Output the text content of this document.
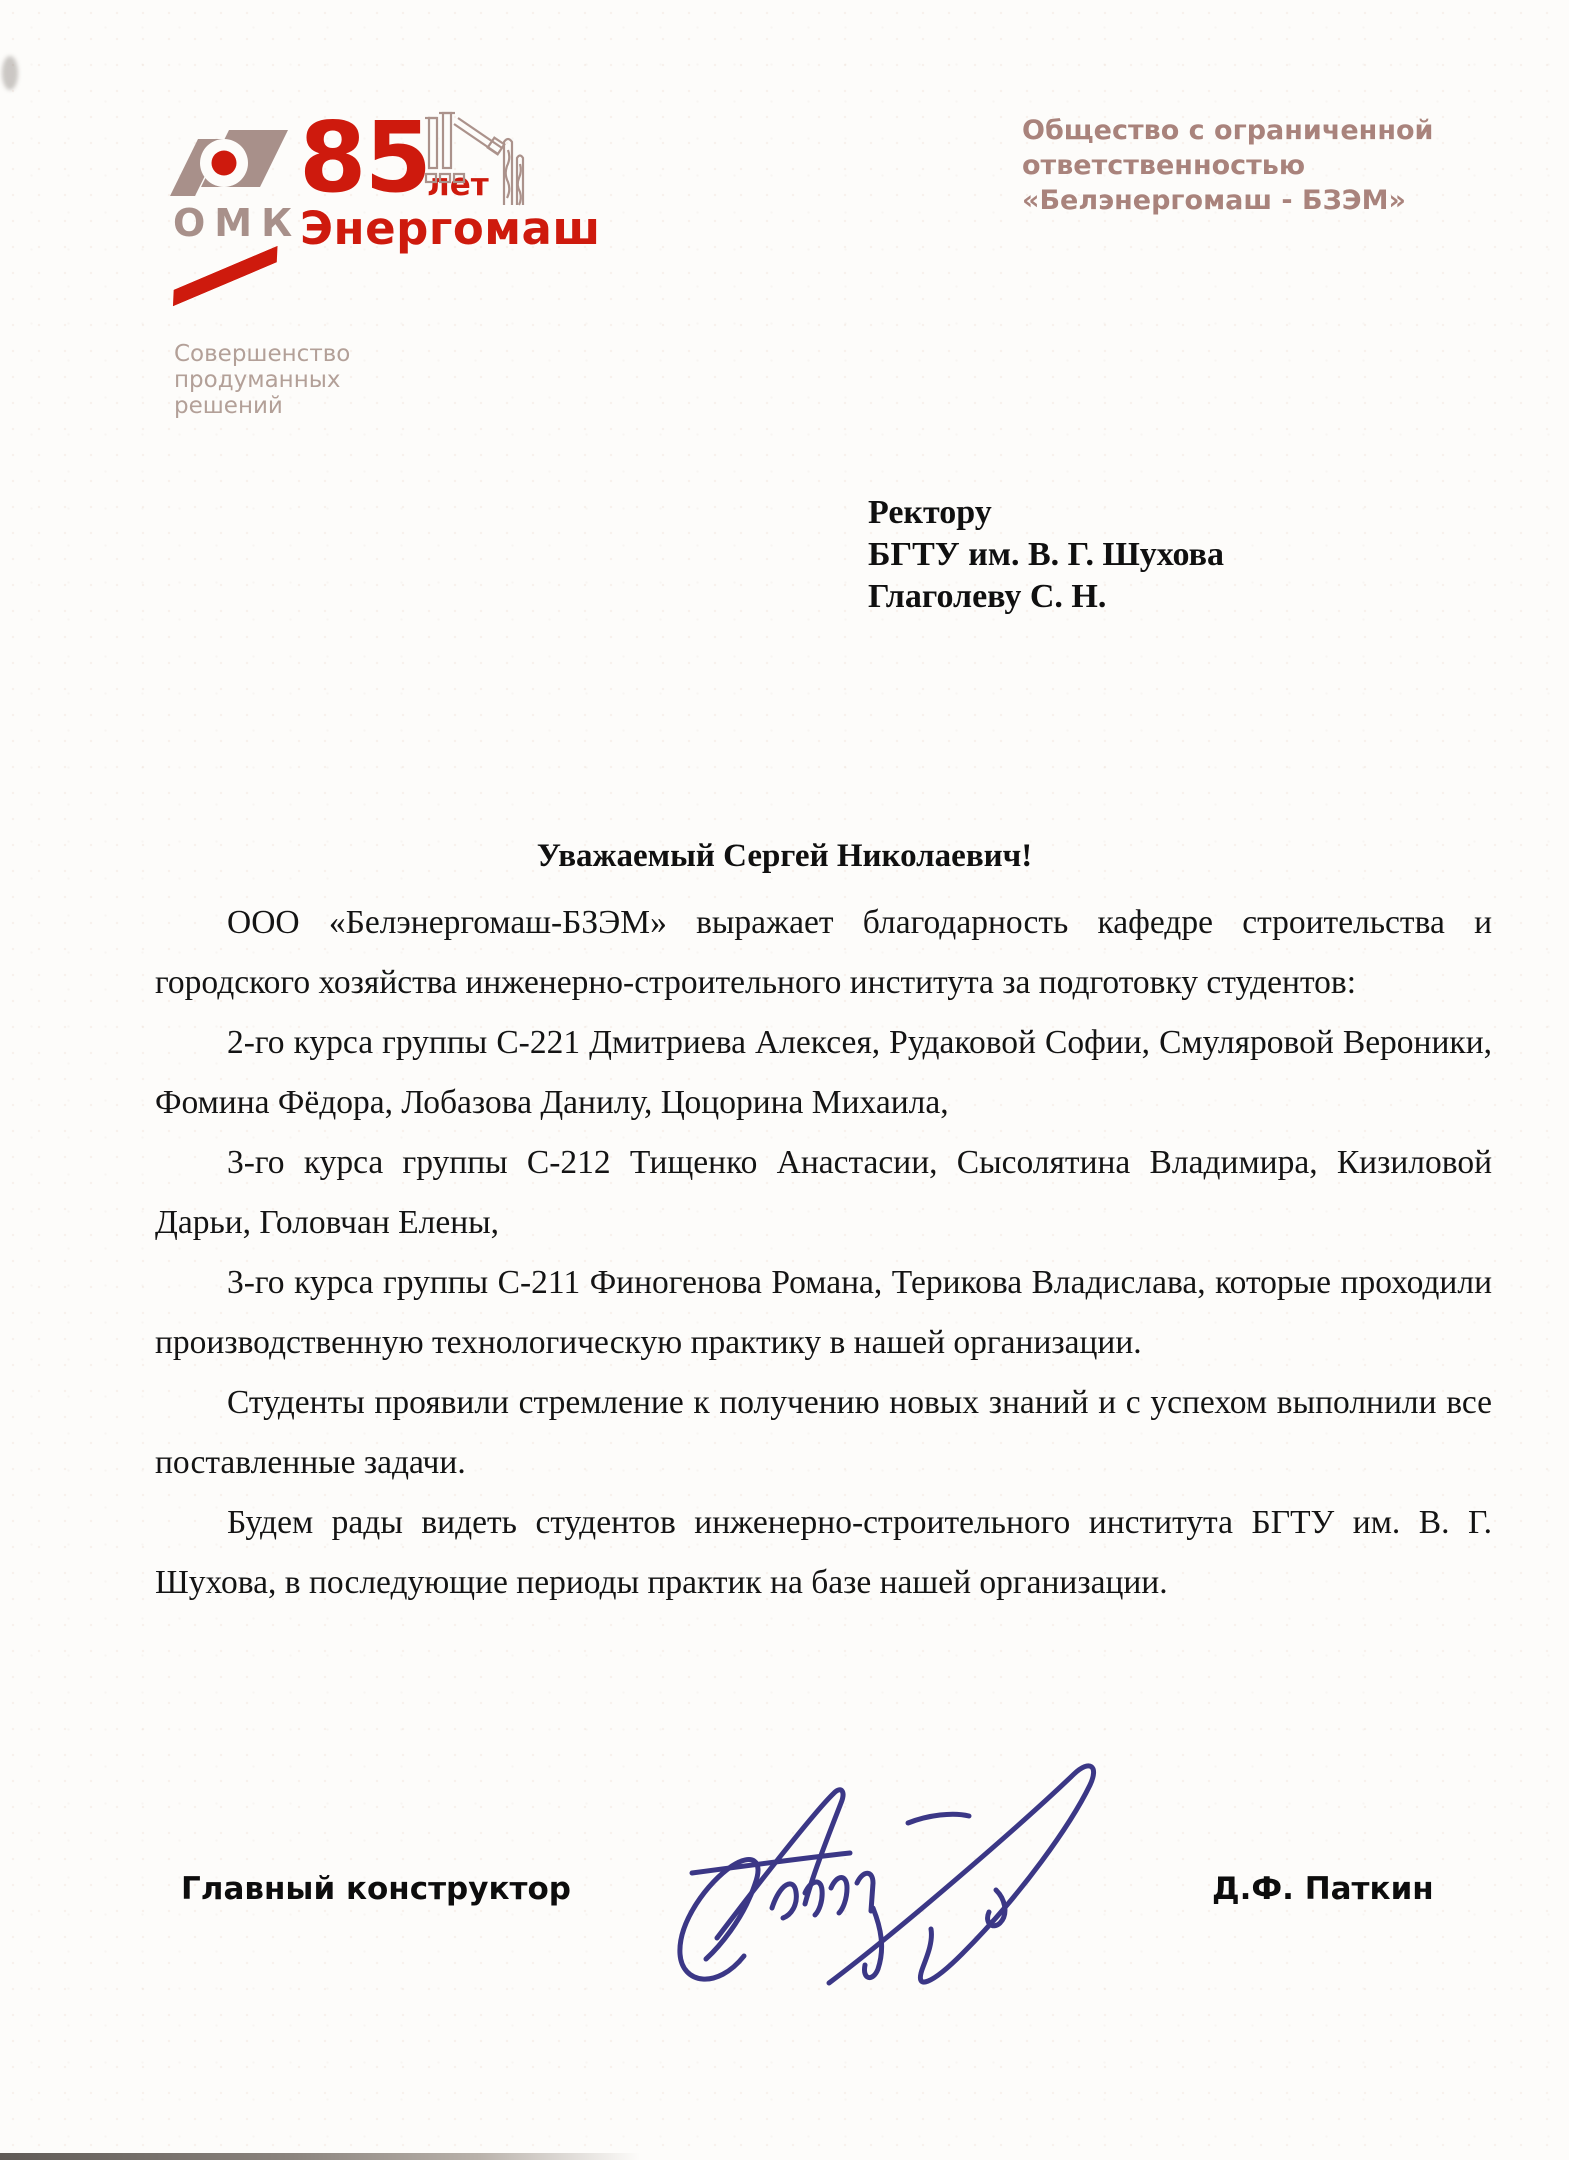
ОМК
85
лет
Энергомаш
Совершенство
продуманных
решений
Общество с ограниченной
ответственностью
«Белэнергомаш - БЗЭМ»
Ректору
БГТУ им. В. Г. Шухова
Глаголеву С. Н.
Уважаемый Сергей Николаевич!

ООО «Белэнергомаш-БЗЭМ» выражает благодарность кафедре строительства и городского хозяйства инженерно-строительного института за подготовку студентов:

2-го курса группы С-221 Дмитриева Алексея, Рудаковой Софии, Смуляровой Вероники, Фомина Фёдора, Лобазова Данилу, Цоцорина Михаила,

3-го курса группы С-212 Тищенко Анастасии, Сысолятина Владимира, Кизиловой Дарьи, Головчан Елены,

3-го курса группы С-211 Финогенова Романа, Терикова Владислава, которые проходили производственную технологическую практику в нашей организации.

Студенты проявили стремление к получению новых знаний и с успехом выполнили все поставленные задачи.

Будем рады видеть студентов инженерно-строительного института БГТУ им. В. Г. Шухова, в последующие периоды практик на базе нашей организации.

Главный конструктор	Д.Ф. Паткин
